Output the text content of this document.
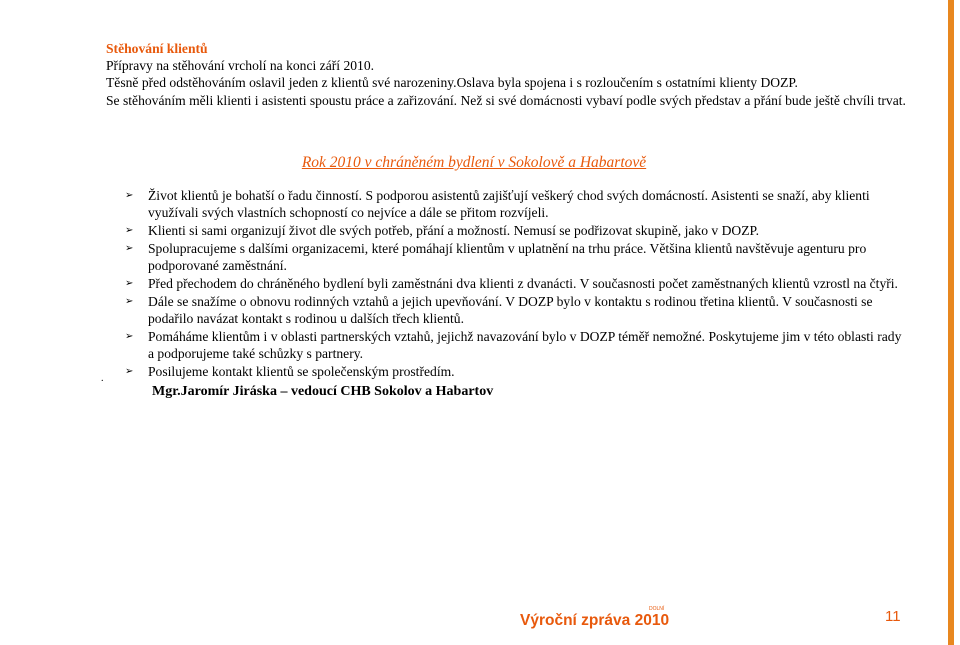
Stěhování klientů
Přípravy na stěhování vrcholí na konci září 2010.
Těsně před odstěhováním oslavil jeden z klientů své narozeniny.Oslava byla spojena i s rozloučením s ostatními klienty DOZP.
Se stěhováním měli klienti i asistenti spoustu práce a zařizování. Než si své domácnosti vybaví podle svých představ a přání bude ještě chvíli trvat.
Rok 2010 v chráněném bydlení v Sokolově a Habartově
➢ Život klientů je bohatší o řadu činností. S podporou asistentů zajišťují veškerý chod svých domácností. Asistenti se snaží, aby klienti využívali svých vlastních schopností co nejvíce a dále se přitom rozvíjeli.
➢ Klienti si sami organizují život dle svých potřeb, přání a možností. Nemusí se podřizovat skupině, jako v DOZP.
➢ Spolupracujeme s dalšími organizacemi, které pomáhají klientům v uplatnění na trhu práce. Většina klientů navštěvuje agenturu pro podporované zaměstnání.
➢ Před přechodem do chráněného bydlení byli zaměstnáni dva klienti z dvanácti. V současnosti počet zaměstnaných klientů vzrostl na čtyři.
➢ Dále se snažíme o obnovu rodinných vztahů a jejich upevňování. V DOZP bylo v kontaktu s rodinou třetina klientů. V současnosti se podařilo navázat kontakt s rodinou u dalších třech klientů.
➢ Pomáháme klientům i v oblasti partnerských vztahů, jejichž navazování bylo v DOZP téměř nemožné. Poskytujeme jim v této oblasti rady a podporujeme také schůzky s partnery.
➢ Posilujeme kontakt klientů se společenským prostředím.
.
Mgr.Jaromír Jiráska – vedoucí CHB Sokolov a Habartov
Výroční zpráva 2010
DOLNÍ	11
